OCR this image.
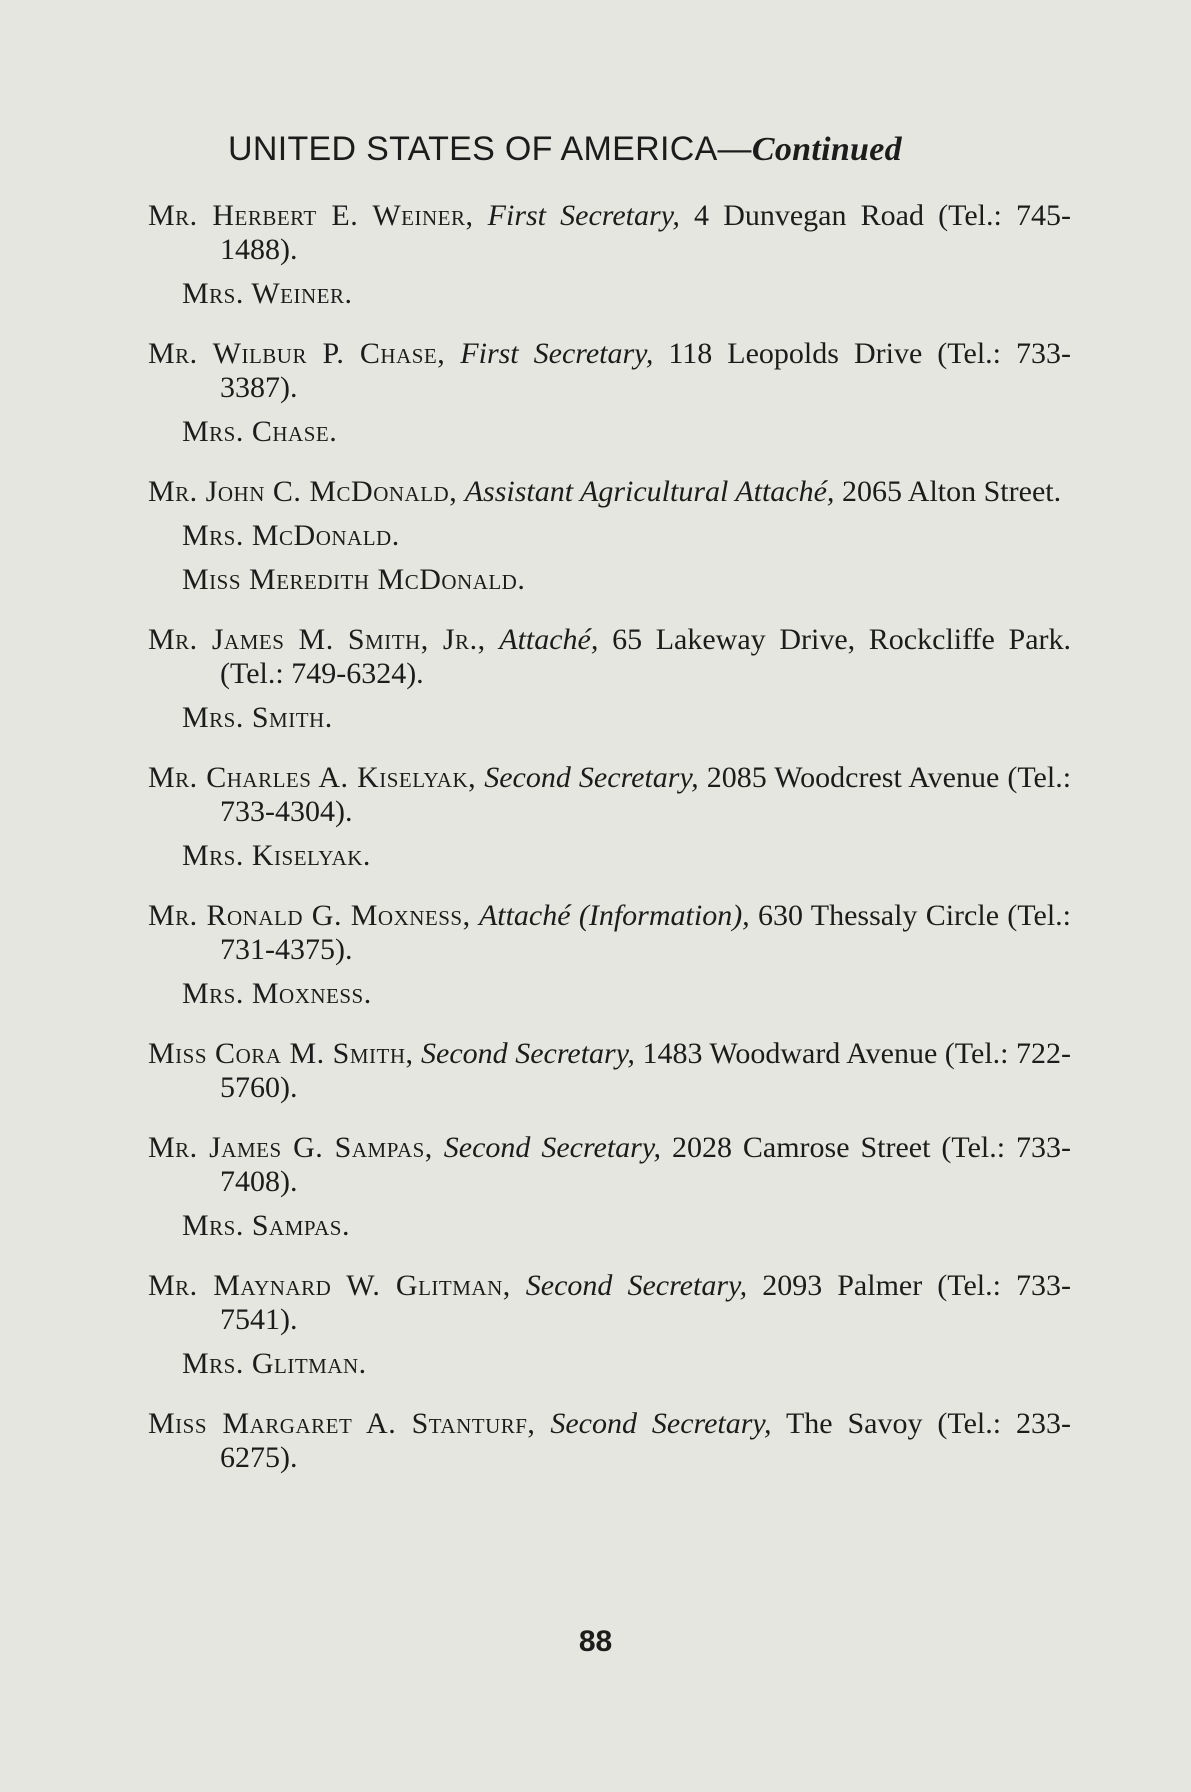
UNITED STATES OF AMERICA—Continued
Mr. Herbert E. Weiner, First Secretary, 4 Dunvegan Road (Tel.: 745-1488).
Mrs. Weiner.
Mr. Wilbur P. Chase, First Secretary, 118 Leopolds Drive (Tel.: 733-3387).
Mrs. Chase.
Mr. John C. McDonald, Assistant Agricultural Attaché, 2065 Alton Street.
Mrs. McDonald.
Miss Meredith McDonald.
Mr. James M. Smith, Jr., Attaché, 65 Lakeway Drive, Rockcliffe Park. (Tel.: 749-6324).
Mrs. Smith.
Mr. Charles A. Kiselyak, Second Secretary, 2085 Woodcrest Avenue (Tel.: 733-4304).
Mrs. Kiselyak.
Mr. Ronald G. Moxness, Attaché (Information), 630 Thessaly Circle (Tel.: 731-4375).
Mrs. Moxness.
Miss Cora M. Smith, Second Secretary, 1483 Woodward Avenue (Tel.: 722-5760).
Mr. James G. Sampas, Second Secretary, 2028 Camrose Street (Tel.: 733-7408).
Mrs. Sampas.
Mr. Maynard W. Glitman, Second Secretary, 2093 Palmer (Tel.: 733-7541).
Mrs. Glitman.
Miss Margaret A. Stanturf, Second Secretary, The Savoy (Tel.: 233-6275).
88
